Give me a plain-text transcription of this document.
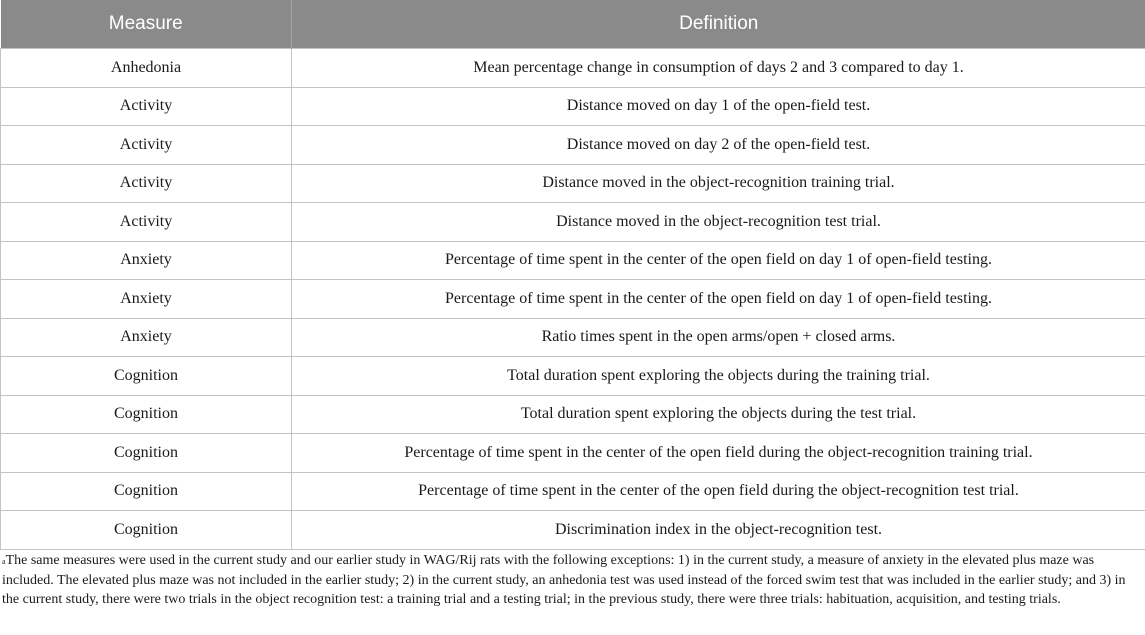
Measure	Definition
Anhedonia	Mean percentage change in consumption of days 2 and 3 compared to day 1.
Activity	Distance moved on day 1 of the open-field test.
Activity	Distance moved on day 2 of the open-field test.
Activity	Distance moved in the object-recognition training trial.
Activity	Distance moved in the object-recognition test trial.
Anxiety	Percentage of time spent in the center of the open field on day 1 of open-field testing.
Anxiety	Percentage of time spent in the center of the open field on day 1 of open-field testing.
Anxiety	Ratio times spent in the open arms/open + closed arms.
Cognition	Total duration spent exploring the objects during the training trial.
Cognition	Total duration spent exploring the objects during the test trial.
Cognition	Percentage of time spent in the center of the open field during the object-recognition training trial.
Cognition	Percentage of time spent in the center of the open field during the object-recognition test trial.
Cognition	Discrimination index in the object-recognition test.
$^a$The same measures were used in the current study and our earlier study in WAG/Rij rats with the following exceptions: 1) in the current study, a measure of anxiety in the elevated plus maze was included. The elevated plus maze was not included in the earlier study; 2) in the current study, an anhedonia test was used instead of the forced swim test that was included in the earlier study; and 3) in the current study, there were two trials in the object recognition test: a training trial and a testing trial; in the previous study, there were three trials: habituation, acquisition, and testing trials.
